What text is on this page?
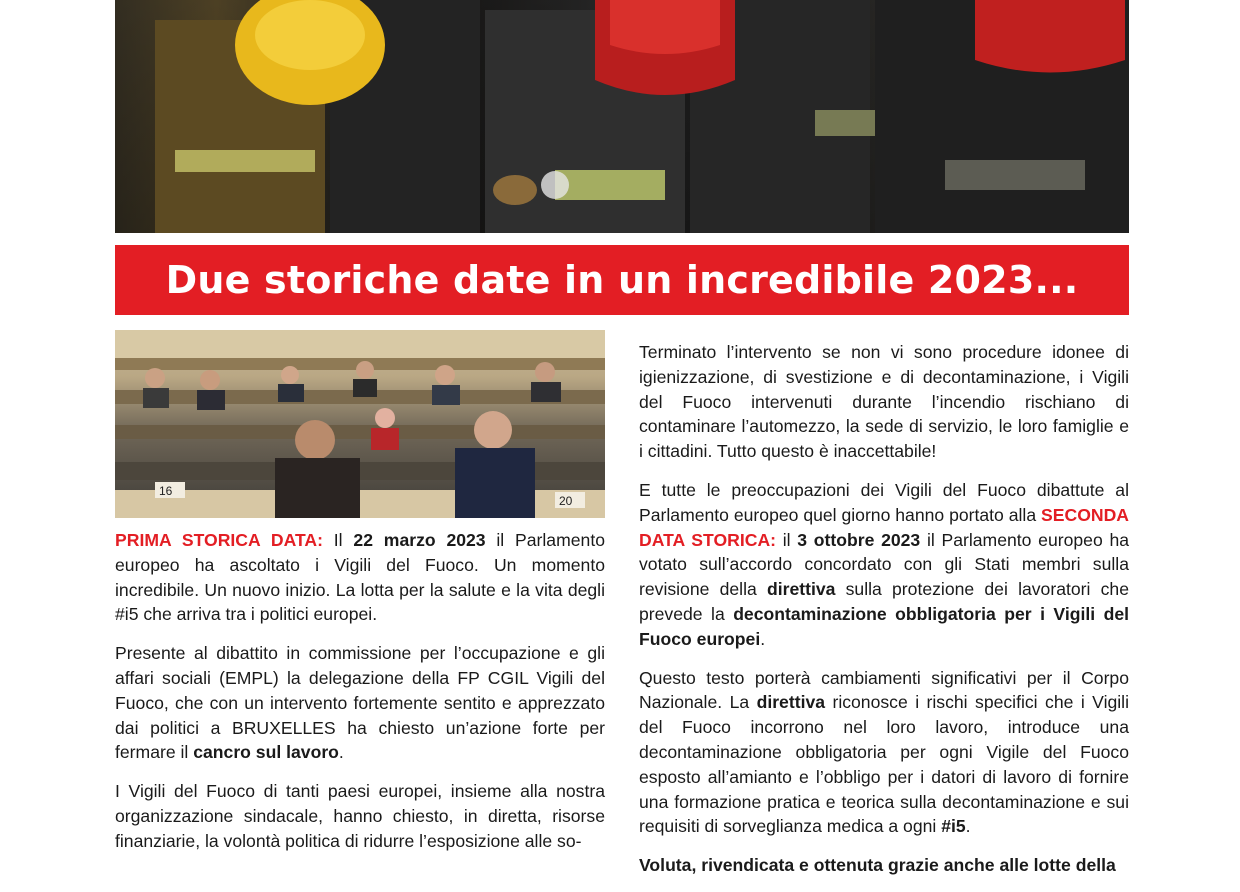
Due storiche date in un incredibile 2023...
16
20

PRIMA STORICA DATA: Il 22 marzo 2023 il Parlamento europeo ha ascoltato i Vigili del Fuoco. Un momento incredibile. Un nuovo inizio. La lotta per la salute e la vita degli #i5 che arriva tra i politici europei.

Presente al dibattito in commissione per l’occupazione e gli affari sociali (EMPL) la delegazione della FP CGIL Vigili del Fuoco, che con un intervento fortemente sentito e apprezzato dai politici a BRUXELLES ha chiesto un’azione forte per fermare il cancro sul lavoro.

I Vigili del Fuoco di tanti paesi europei, insieme alla nostra organizzazione sindacale, hanno chiesto, in diretta, risorse finanziarie, la volontà politica di ridurre l’esposizione alle so-

Terminato l’intervento se non vi sono procedure idonee di igienizzazione, di svestizione e di decontaminazione, i Vigili del Fuoco intervenuti durante l’incendio rischiano di contaminare l’automezzo, la sede di servizio, le loro famiglie e i cittadini. Tutto questo è inaccettabile!

E tutte le preoccupazioni dei Vigili del Fuoco dibattute al Parlamento europeo quel giorno hanno portato alla SECONDA DATA STORICA: il 3 ottobre 2023 il Parlamento europeo ha votato sull’accordo concordato con gli Stati membri sulla revisione della direttiva sulla protezione dei lavoratori che prevede la decontaminazione obbligatoria per i Vigili del Fuoco europei.

Questo testo porterà cambiamenti significativi per il Corpo Nazionale. La direttiva riconosce i rischi specifici che i Vigili del Fuoco incorrono nel loro lavoro, introduce una decontaminazione obbligatoria per ogni Vigile del Fuoco esposto all’amianto e l’obbligo per i datori di lavoro di fornire una formazione pratica e teorica sulla decontaminazione e sui requisiti di sorveglianza medica a ogni #i5.

Voluta, rivendicata e ottenuta grazie anche alle lotte della
